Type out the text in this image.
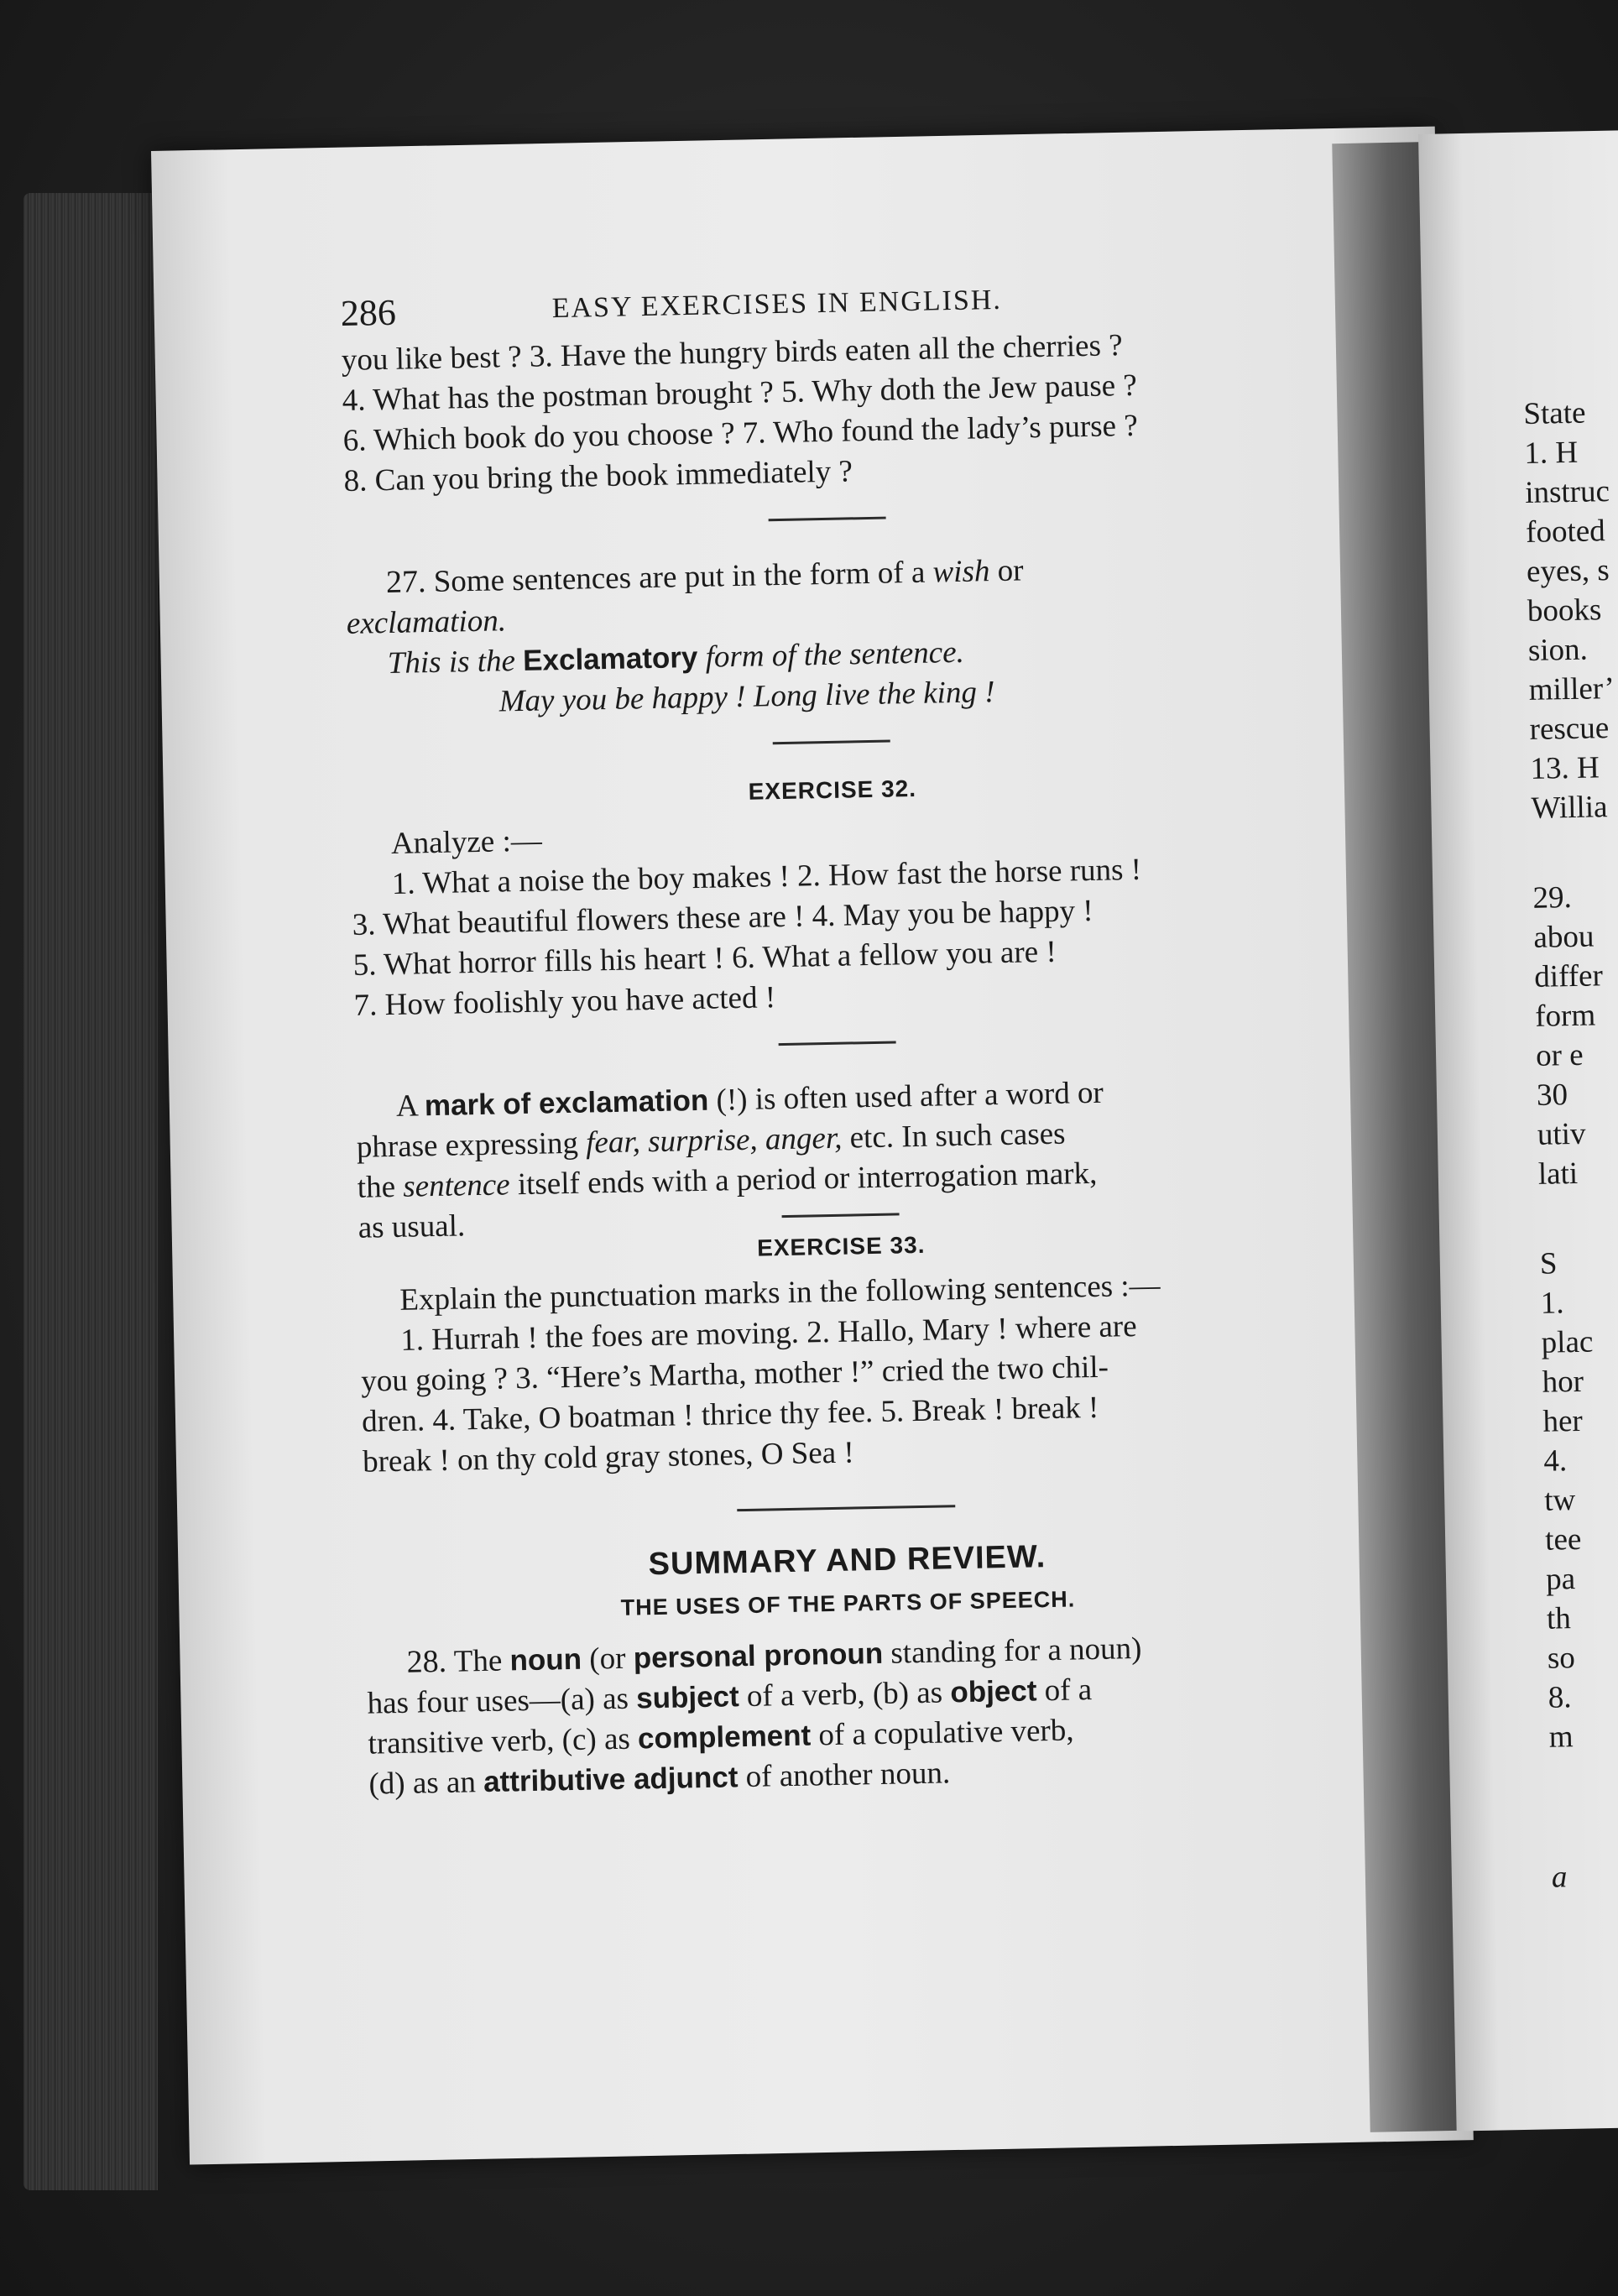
286	EASY EXERCISES IN ENGLISH.
you like best ? 3. Have the hungry birds eaten all the cherries ?
4. What has the postman brought ? 5. Why doth the Jew pause ?
6. Which book do you choose ? 7. Who found the lady’s purse ?
8. Can you bring the book immediately ?
27. Some sentences are put in the form of a wish or
exclamation.
This is the Exclamatory form of the sentence.
May you be happy ! Long live the king !
EXERCISE 32.
Analyze :—
1. What a noise the boy makes ! 2. How fast the horse runs !
3. What beautiful flowers these are ! 4. May you be happy !
5. What horror fills his heart ! 6. What a fellow you are !
7. How foolishly you have acted !
A mark of exclamation (!) is often used after a word or
phrase expressing fear, surprise, anger, etc. In such cases
the sentence itself ends with a period or interrogation mark,
as usual.
EXERCISE 33.
Explain the punctuation marks in the following sentences :—
1. Hurrah ! the foes are moving. 2. Hallo, Mary ! where are
you going ? 3. “Here’s Martha, mother !” cried the two chil-
dren. 4. Take, O boatman ! thrice thy fee. 5. Break ! break !
break ! on thy cold gray stones, O Sea !
SUMMARY AND REVIEW.
THE USES OF THE PARTS OF SPEECH.
28. The noun (or personal pronoun standing for a noun)
has four uses—(a) as subject of a verb, (b) as object of a
transitive verb, (c) as complement of a copulative verb,
(d) as an attributive adjunct of another noun.
State
1. H
instruc
footed
eyes, s
books
sion.
miller’
rescue
13. H
Willia
29.
abou
differ
form
or e
30
utiv
lati
S
1.
plac
hor
her
4.
tw
tee
pa
th
so
8.
m
a
